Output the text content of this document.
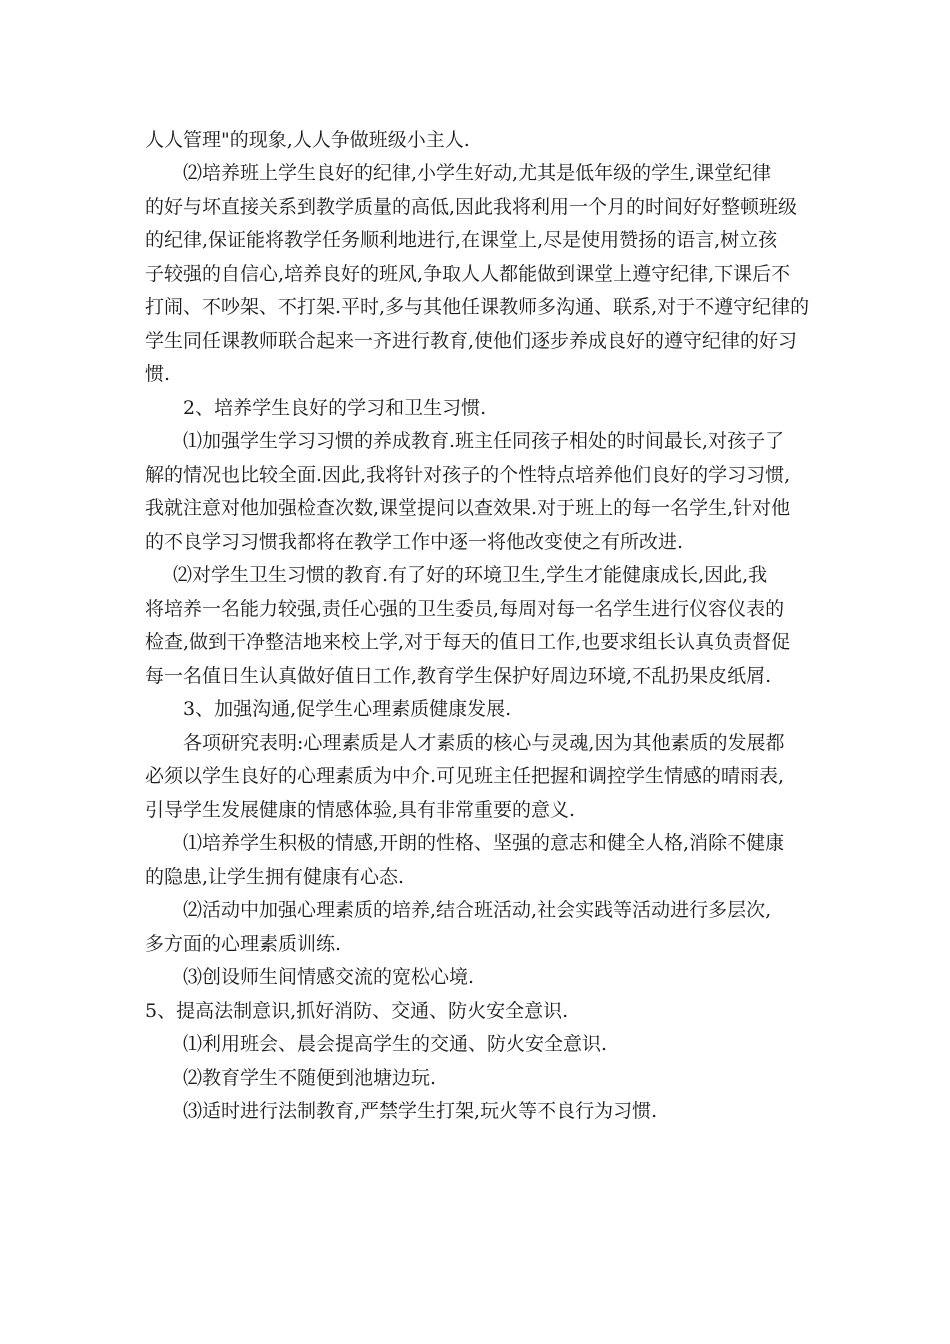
人人管理"的现象,人人争做班级小主人.
⑵培养班上学生良好的纪律,小学生好动,尤其是低年级的学生,课堂纪律
的好与坏直接关系到教学质量的高低,因此我将利用一个月的时间好好整顿班级
的纪律,保证能将教学任务顺利地进行,在课堂上,尽是使用赞扬的语言,树立孩
子较强的自信心,培养良好的班风,争取人人都能做到课堂上遵守纪律,下课后不
打闹、不吵架、不打架.平时,多与其他任课教师多沟通、联系,对于不遵守纪律的
学生同任课教师联合起来一齐进行教育,使他们逐步养成良好的遵守纪律的好习
惯.
2、培养学生良好的学习和卫生习惯.
⑴加强学生学习习惯的养成教育.班主任同孩子相处的时间最长,对孩子了
解的情况也比较全面.因此,我将针对孩子的个性特点培养他们良好的学习习惯,
我就注意对他加强检查次数,课堂提问以查效果.对于班上的每一名学生,针对他
的不良学习习惯我都将在教学工作中逐一将他改变使之有所改进.
⑵对学生卫生习惯的教育.有了好的环境卫生,学生才能健康成长,因此,我
将培养一名能力较强,责任心强的卫生委员,每周对每一名学生进行仪容仪表的
检查,做到干净整洁地来校上学,对于每天的值日工作,也要求组长认真负责督促
每一名值日生认真做好值日工作,教育学生保护好周边环境,不乱扔果皮纸屑.
3、加强沟通,促学生心理素质健康发展.
各项研究表明:心理素质是人才素质的核心与灵魂,因为其他素质的发展都
必须以学生良好的心理素质为中介.可见班主任把握和调控学生情感的晴雨表,
引导学生发展健康的情感体验,具有非常重要的意义.
⑴培养学生积极的情感,开朗的性格、坚强的意志和健全人格,消除不健康
的隐患,让学生拥有健康有心态.
⑵活动中加强心理素质的培养,结合班活动,社会实践等活动进行多层次,
多方面的心理素质训练.
⑶创设师生间情感交流的宽松心境.
5、提高法制意识,抓好消防、交通、防火安全意识.
⑴利用班会、晨会提高学生的交通、防火安全意识.
⑵教育学生不随便到池塘边玩.
⑶适时进行法制教育,严禁学生打架,玩火等不良行为习惯.
